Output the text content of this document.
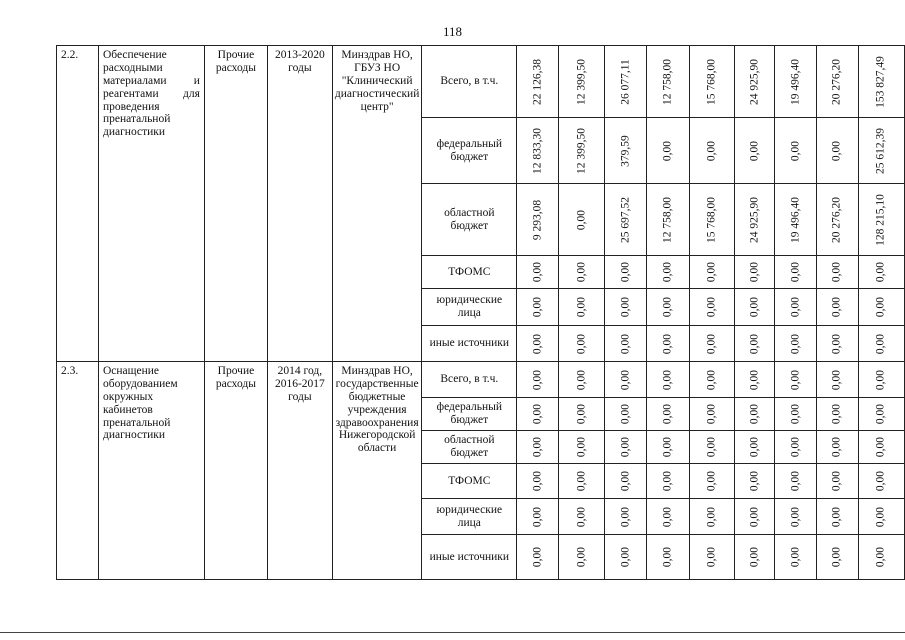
118
2.2.	Обеспечение расходными материалами и реагентами для проведения пренатальной диагностики	Прочие расходы	2013-2020 годы	Минздрав НО, ГБУЗ НО "Клинический диагностический центр"	Всего, в т.ч.	22 126,38	12 399,50	26 077,11	12 758,00	15 768,00	24 925,90	19 496,40	20 276,20	153 827,49

					федеральный бюджет	12 833,30	12 399,50	379,59	0,00	0,00	0,00	0,00	0,00	25 612,39

					областной бюджет	9 293,08	0,00	25 697,52	12 758,00	15 768,00	24 925,90	19 496,40	20 276,20	128 215,10

					ТФОМС	0,00	0,00	0,00	0,00	0,00	0,00	0,00	0,00	0,00

					юридические лица	0,00	0,00	0,00	0,00	0,00	0,00	0,00	0,00	0,00

					иные источники	0,00	0,00	0,00	0,00	0,00	0,00	0,00	0,00	0,00

2.3.	Оснащение оборудованием окружных кабинетов пренатальной диагностики	Прочие расходы	2014 год, 2016-2017 годы	Минздрав НО, государственные бюджетные учреждения здравоохранения Нижегородской области	Всего, в т.ч.	0,00	0,00	0,00	0,00	0,00	0,00	0,00	0,00	0,00

					федеральный бюджет	0,00	0,00	0,00	0,00	0,00	0,00	0,00	0,00	0,00

					областной бюджет	0,00	0,00	0,00	0,00	0,00	0,00	0,00	0,00	0,00

					ТФОМС	0,00	0,00	0,00	0,00	0,00	0,00	0,00	0,00	0,00

					юридические лица	0,00	0,00	0,00	0,00	0,00	0,00	0,00	0,00	0,00

					иные источники	0,00	0,00	0,00	0,00	0,00	0,00	0,00	0,00	0,00
